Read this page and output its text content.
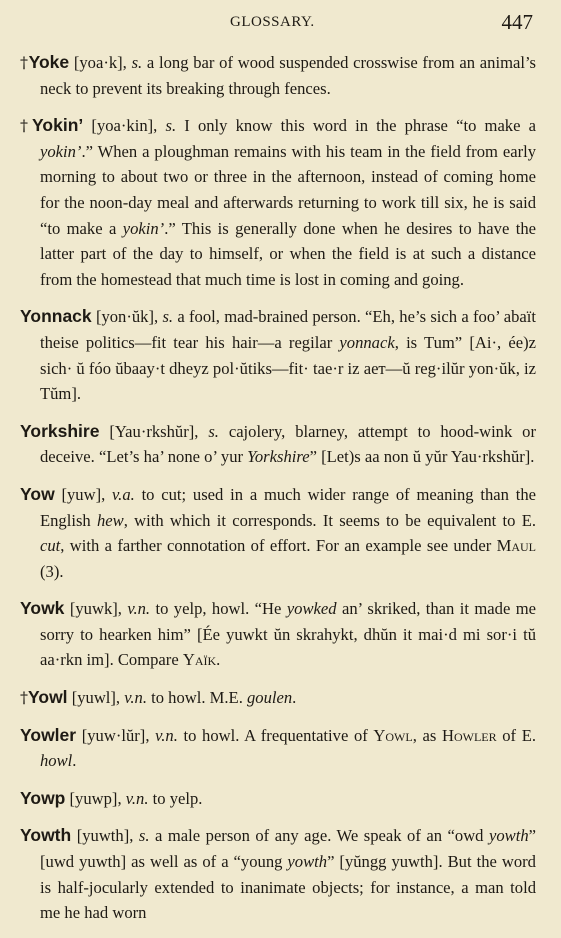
GLOSSARY.	447

†Yoke [yoa·k], s. a long bar of wood suspended crosswise from an animal’s neck to prevent its breaking through fences.

†Yokin’ [yoa·kin], s. I only know this word in the phrase “to make a yokin’.” When a ploughman remains with his team in the field from early morning to about two or three in the afternoon, instead of coming home for the noon-day meal and afterwards returning to work till six, he is said “to make a yokin’.” This is generally done when he desires to have the latter part of the day to himself, or when the field is at such a distance from the homestead that much time is lost in coming and going.

Yonnack [yon·ŭk], s. a fool, mad-brained person. “Eh, he’s sich a foo’ abaït theise politics—fit tear his hair—a regilar yonnack, is Tum” [Ai·, ée)z sich· ŭ fóo ŭbaay·t dheyz pol·ŭtiks—fit· tae·r iz aeт—ŭ reg·ilŭr yon·ŭk, iz Tŭm].

Yorkshire [Yau·rkshŭr], s. cajolery, blarney, attempt to hood-wink or deceive. “Let’s ha’ none o’ yur Yorkshire” [Let)s aa non ŭ yŭr Yau·rkshŭr].

Yow [yuw], v.a. to cut; used in a much wider range of meaning than the English hew, with which it corresponds. It seems to be equivalent to E. cut, with a farther connotation of effort. For an example see under Maul (3).

Yowk [yuwk], v.n. to yelp, howl. “He yowked an’ skriked, than it made me sorry to hearken him” [Ée yuwkt ŭn skrahykt, dhŭn it mai·d mi sor·i tŭ aa·rkn im]. Compare Yaïk.

†Yowl [yuwl], v.n. to howl. M.E. goulen.

Yowler [yuw·lŭr], v.n. to howl. A frequentative of Yowl, as Howler of E. howl.

Yowp [yuwp], v.n. to yelp.

Yowth [yuwth], s. a male person of any age. We speak of an “owd yowth” [uwd yuwth] as well as of a “young yowth” [yŭngg yuwth]. But the word is half-jocularly extended to inanimate objects; for instance, a man told me he had worn
